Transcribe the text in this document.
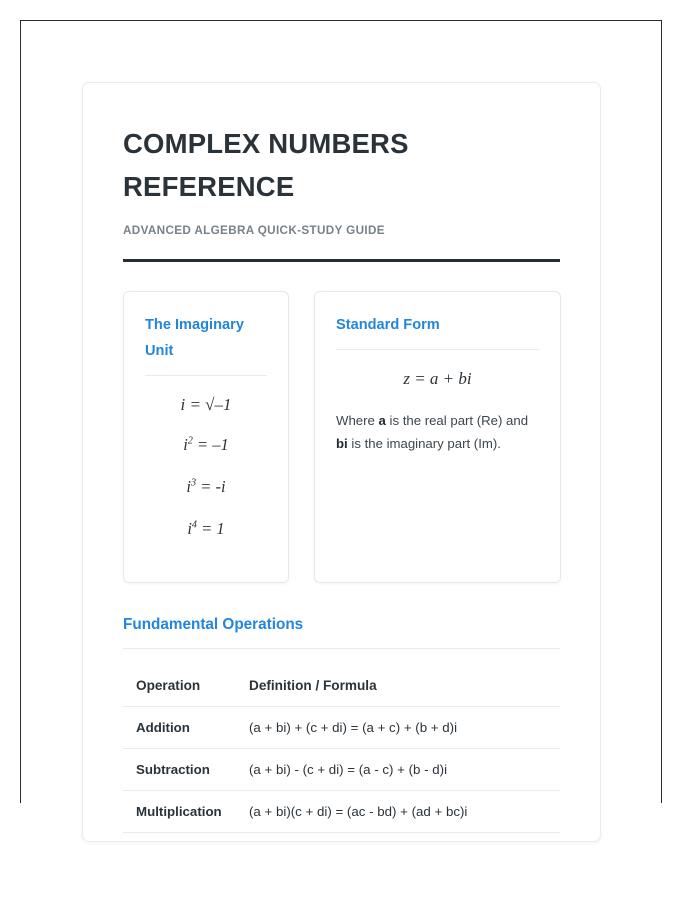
COMPLEX NUMBERS REFERENCE
ADVANCED ALGEBRA QUICK-STUDY GUIDE
The Imaginary Unit

i = √–1

$i^2 = -1$

$i^3 = -i$

$i^4 = 1$

Standard Form

z = a + bi

Where a is the real part (Re) and bi is the imaginary part (Im).

Fundamental Operations
Operation	Definition / Formula
Addition	(a + bi) + (c + di) = (a + c) + (b + d)i
Subtraction	(a + bi) - (c + di) = (a - c) + (b - d)i
Multiplication	(a + bi)(c + di) = (ac - bd) + (ad + bc)i
